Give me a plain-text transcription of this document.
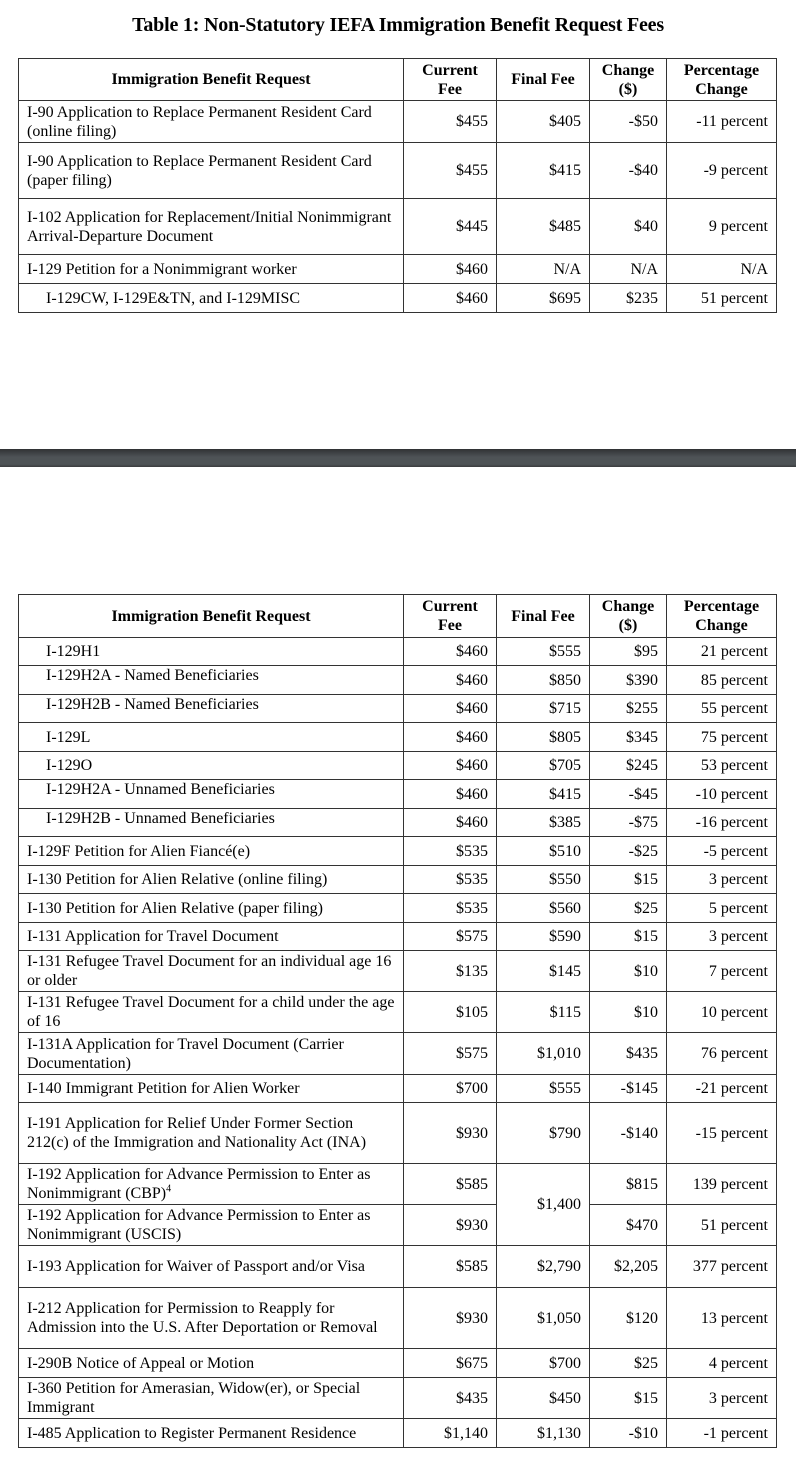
Table 1: Non-Statutory IEFA Immigration Benefit Request Fees
Immigration Benefit Request	Current Fee	Final Fee	Change ($)	Percentage Change
I-90 Application to Replace Permanent Resident Card (online filing)	$455	$405	-$50	-11 percent
I-90 Application to Replace Permanent Resident Card (paper filing)	$455	$415	-$40	-9 percent
I-102 Application for Replacement/Initial Nonimmigrant Arrival-Departure Document	$445	$485	$40	9 percent
I-129 Petition for a Nonimmigrant worker	$460	N/A	N/A	N/A
I-129CW, I-129E&TN, and I-129MISC	$460	$695	$235	51 percent
Immigration Benefit Request	Current Fee	Final Fee	Change ($)	Percentage Change
I-129H1	$460	$555	$95	21 percent
I-129H2A - Named Beneficiaries	$460	$850	$390	85 percent
I-129H2B - Named Beneficiaries	$460	$715	$255	55 percent
I-129L	$460	$805	$345	75 percent
I-129O	$460	$705	$245	53 percent
I-129H2A - Unnamed Beneficiaries	$460	$415	-$45	-10 percent
I-129H2B - Unnamed Beneficiaries	$460	$385	-$75	-16 percent
I-129F Petition for Alien Fiancé(e)	$535	$510	-$25	-5 percent
I-130 Petition for Alien Relative (online filing)	$535	$550	$15	3 percent
I-130 Petition for Alien Relative (paper filing)	$535	$560	$25	5 percent
I-131 Application for Travel Document	$575	$590	$15	3 percent
I-131 Refugee Travel Document for an individual age 16 or older	$135	$145	$10	7 percent
I-131 Refugee Travel Document for a child under the age of 16	$105	$115	$10	10 percent
I-131A Application for Travel Document (Carrier Documentation)	$575	$1,010	$435	76 percent
I-140 Immigrant Petition for Alien Worker	$700	$555	-$145	-21 percent
I-191 Application for Relief Under Former Section 212(c) of the Immigration and Nationality Act (INA)	$930	$790	-$140	-15 percent
I-192 Application for Advance Permission to Enter as Nonimmigrant (CBP)$^4$	$585	$1,400	$815	139 percent
I-192 Application for Advance Permission to Enter as Nonimmigrant (USCIS)	$930		$470	51 percent
I-193 Application for Waiver of Passport and/or Visa	$585	$2,790	$2,205	377 percent
I-212 Application for Permission to Reapply for Admission into the U.S. After Deportation or Removal	$930	$1,050	$120	13 percent
I-290B Notice of Appeal or Motion	$675	$700	$25	4 percent
I-360 Petition for Amerasian, Widow(er), or Special Immigrant	$435	$450	$15	3 percent
I-485 Application to Register Permanent Residence	$1,140	$1,130	-$10	-1 percent
